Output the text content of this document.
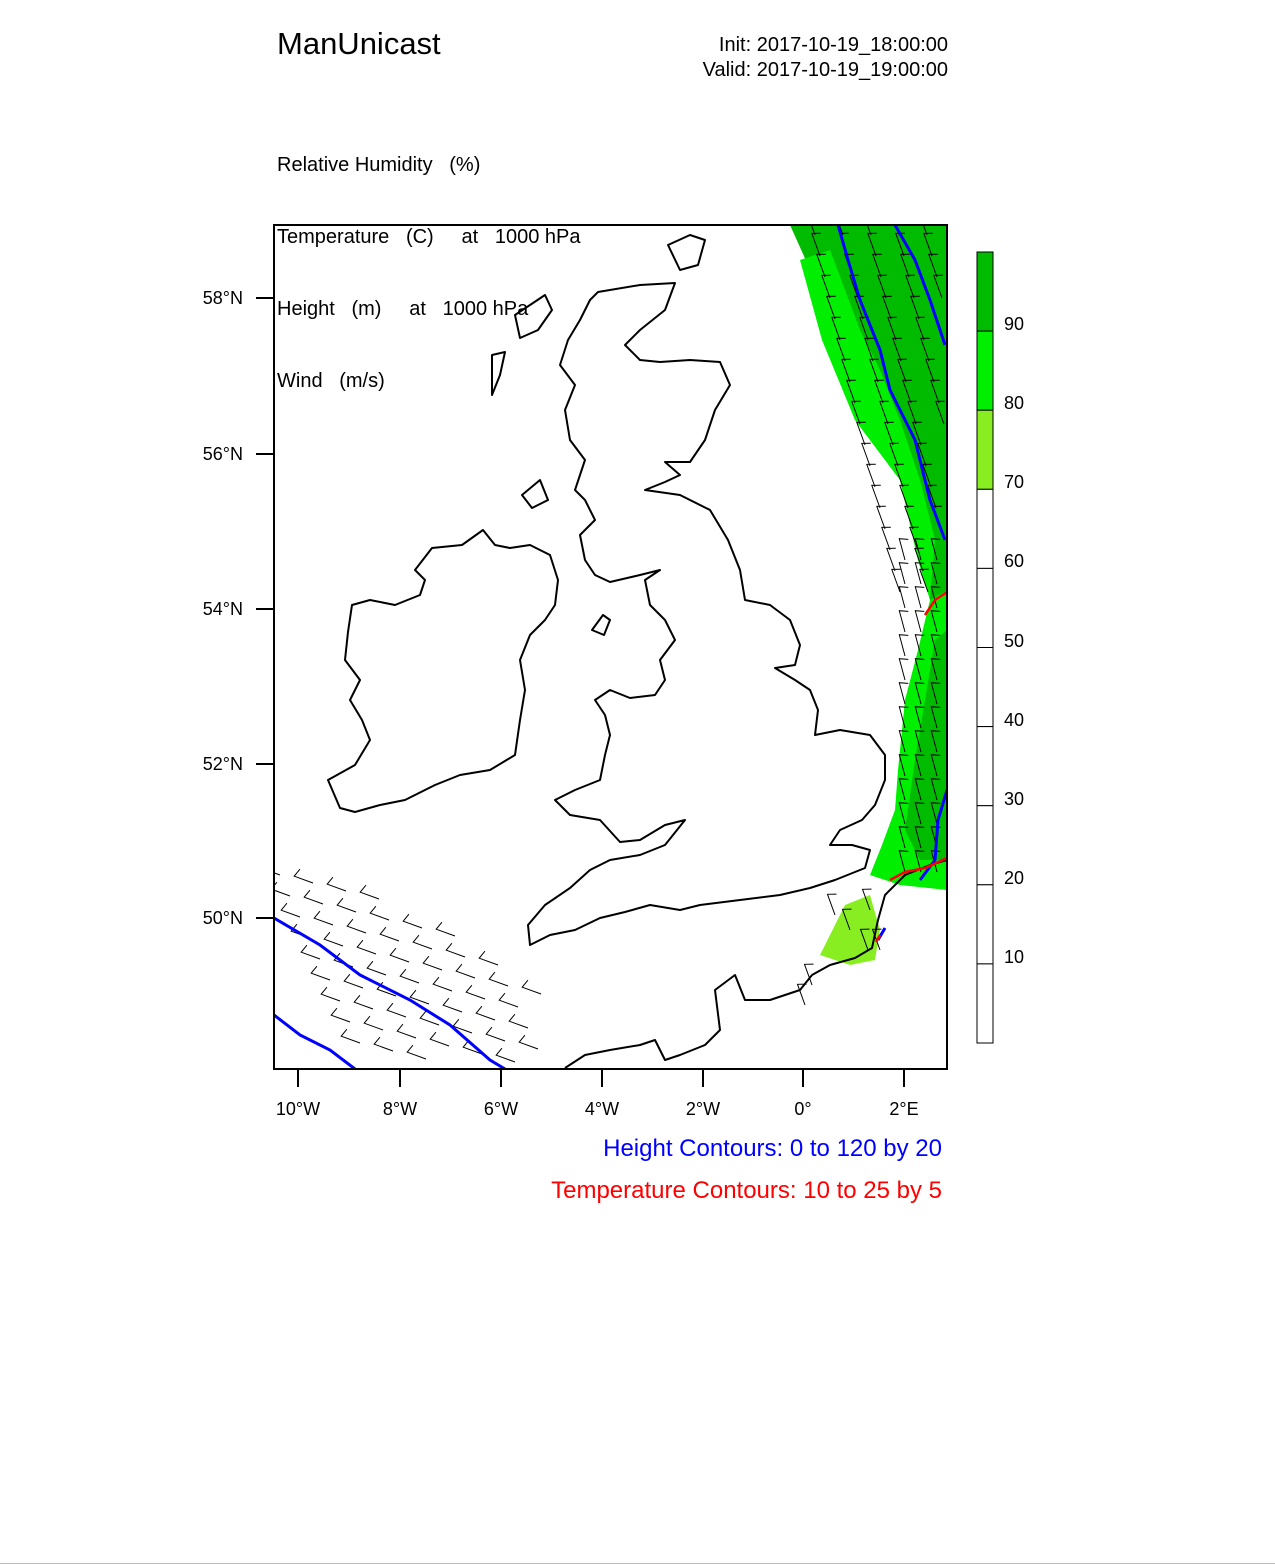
ManUnicast	Init: 2017-10-19_18:00:00
Valid: 2017-10-19_19:00:00

Relative Humidity   (%)

Temperature   (C)     at   1000 hPa

Height   (m)     at   1000 hPa

Wind   (m/s)

58°N
56°N
54°N
52°N
50°N
10°W	8°W	6°W	4°W	2°W	0°	2°E
90
80
70
60
50
40
30
20
10
Height Contours: 0 to 120 by 20
Temperature Contours: 10 to 25 by 5
